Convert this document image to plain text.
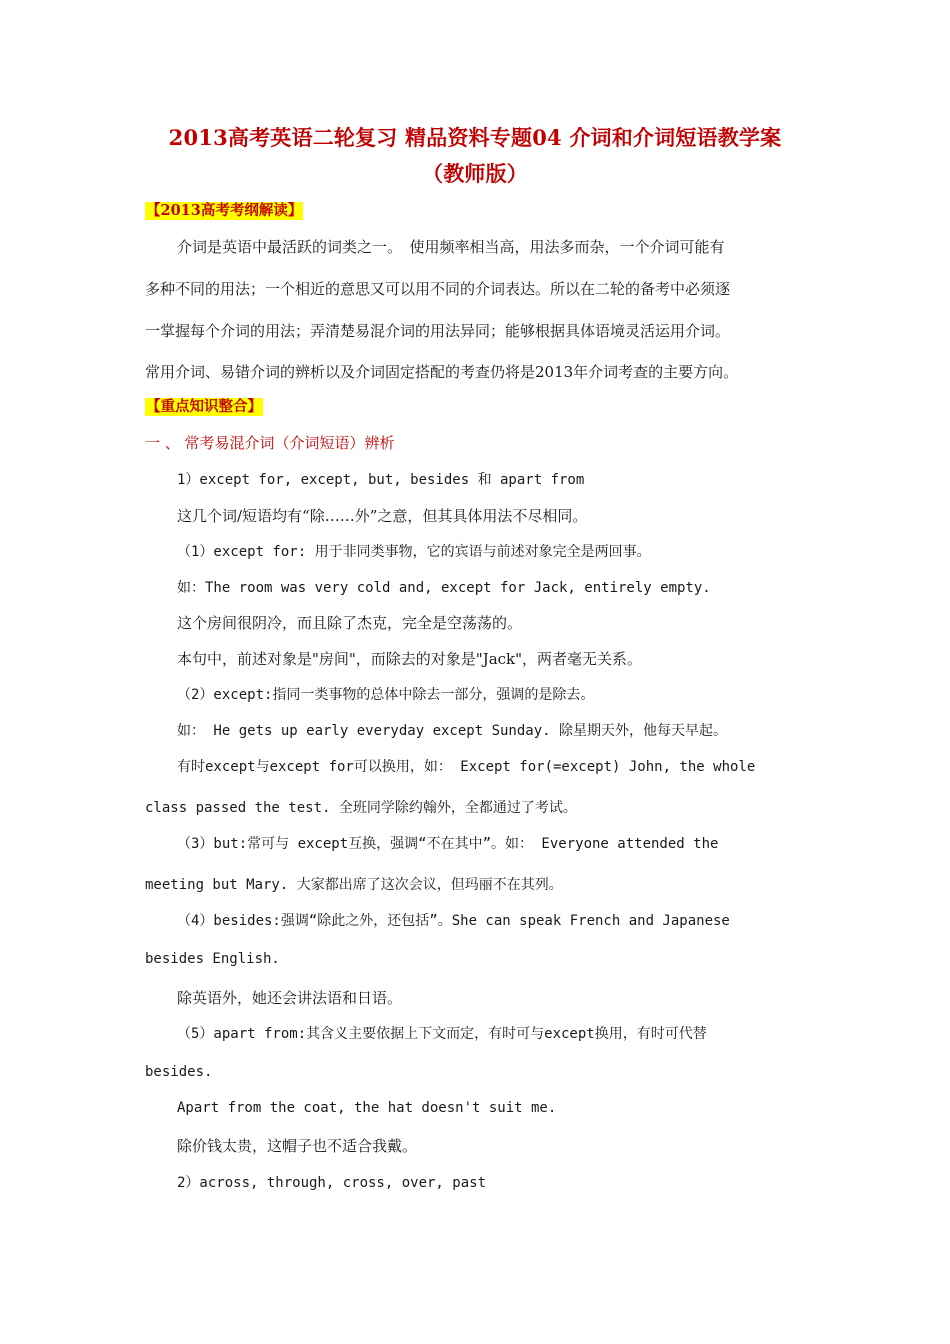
2013高考英语二轮复习 精品资料专题04 介词和介词短语教学案
（教师版）
【2013高考考纲解读】
介词是英语中最活跃的词类之一。　使用频率相当高，用法多而杂，一个介词可能有
多种不同的用法；一个相近的意思又可以用不同的介词表达。所以在二轮的备考中必须逐
一掌握每个介词的用法；弄清楚易混介词的用法异同；能够根据具体语境灵活运用介词。
常用介词、易错介词的辨析以及介词固定搭配的考查仍将是2013年介词考查的主要方向。
【重点知识整合】
一 、 常考易混介词（介词短语）辨析
1）except for, except, but, besides 和 apart from
这几个词/短语均有“除……外”之意，但其具体用法不尽相同。
（1）except for: 用于非同类事物，它的宾语与前述对象完全是两回事。
如：The room was very cold and, except for Jack, entirely empty.
这个房间很阴冷，而且除了杰克，完全是空荡荡的。
本句中，前述对象是"房间"，而除去的对象是"Jack"，两者毫无关系。
（2）except:指同一类事物的总体中除去一部分，强调的是除去。
如： He gets up early everyday except Sunday. 除星期天外，他每天早起。
有时except与except for可以换用，如： Except for(=except) John, the whole
class passed the test. 全班同学除约翰外，全都通过了考试。
（3）but:常可与 except互换，强调“不在其中”。如： Everyone attended the
meeting but Mary. 大家都出席了这次会议，但玛丽不在其列。
（4）besides:强调“除此之外，还包括”。She can speak French and Japanese
besides English.
除英语外，她还会讲法语和日语。
（5）apart from:其含义主要依据上下文而定，有时可与except换用，有时可代替
besides.
Apart from the coat, the hat doesn't suit me.
除价钱太贵，这帽子也不适合我戴。
2）across, through, cross, over, past
